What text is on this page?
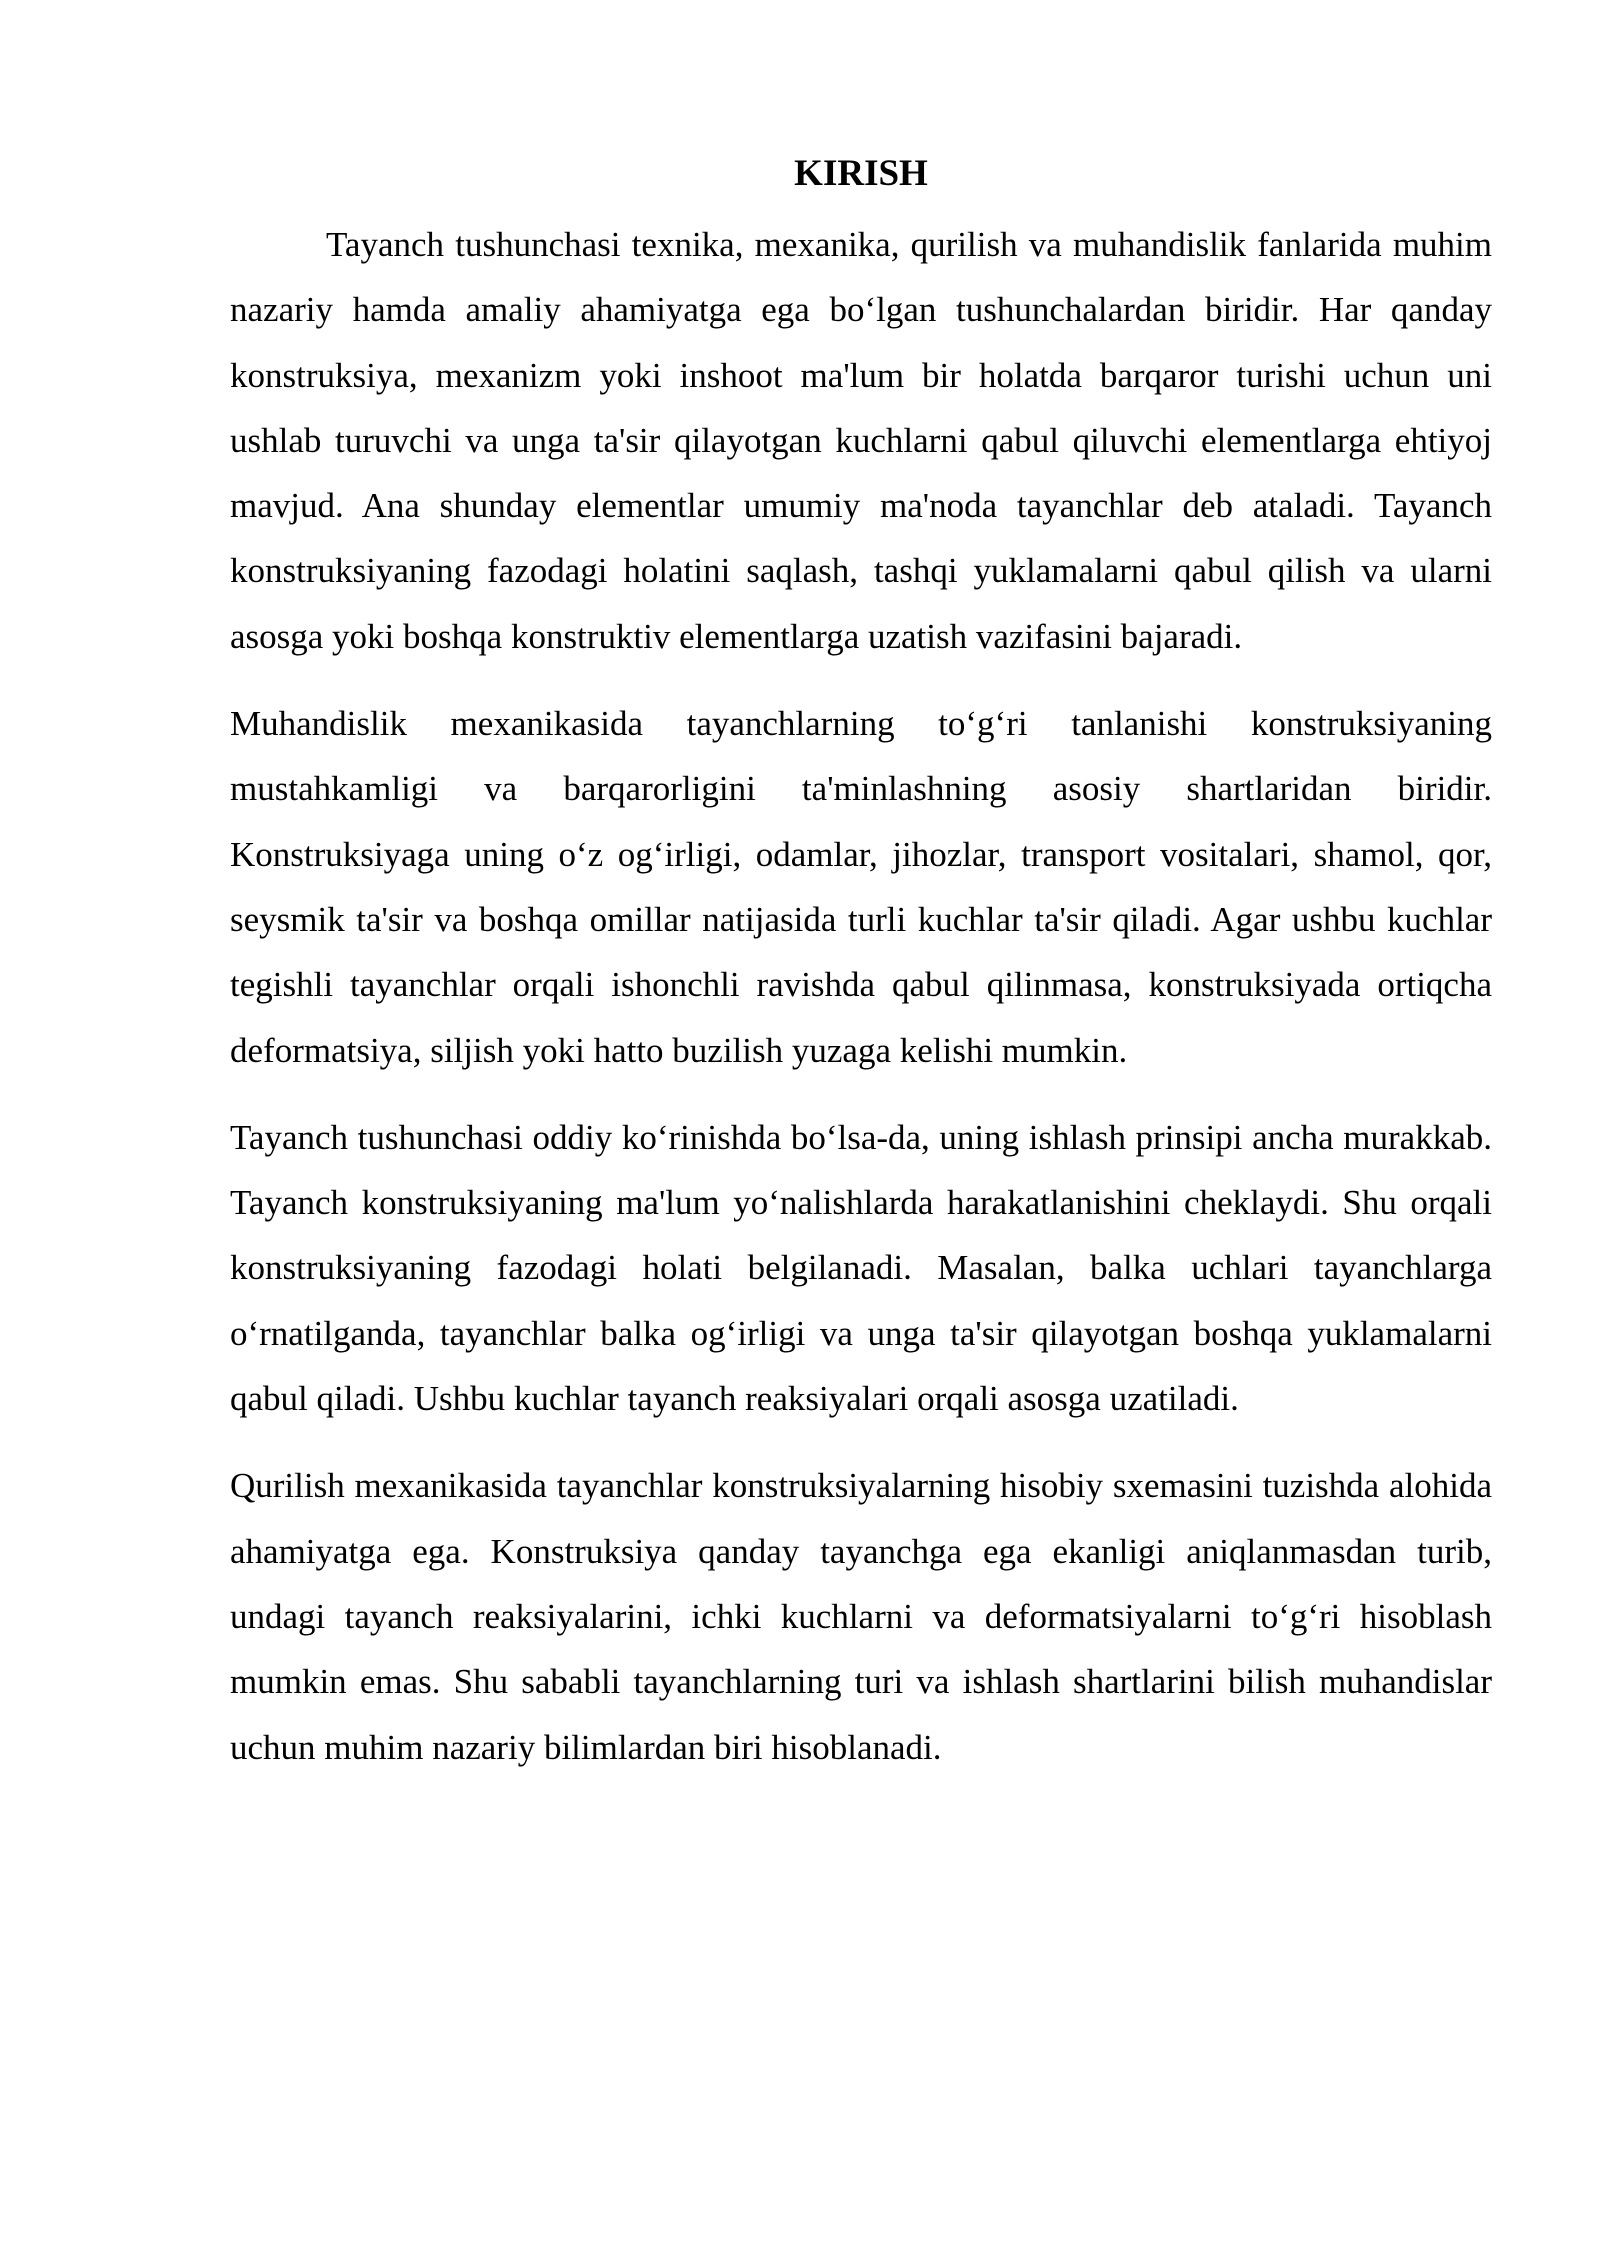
KIRISH

Tayanch tushunchasi texnika, mexanika, qurilish va muhandislik fanlarida muhim nazariy hamda amaliy ahamiyatga ega bo‘lgan tushunchalardan biridir. Har qanday konstruksiya, mexanizm yoki inshoot ma'lum bir holatda barqaror turishi uchun uni ushlab turuvchi va unga ta'sir qilayotgan kuchlarni qabul qiluvchi elementlarga ehtiyoj mavjud. Ana shunday elementlar umumiy ma'noda tayanchlar deb ataladi. Tayanch konstruksiyaning fazodagi holatini saqlash, tashqi yuklamalarni qabul qilish va ularni asosga yoki boshqa konstruktiv elementlarga uzatish vazifasini bajaradi.

Muhandislik mexanikasida tayanchlarning to‘g‘ri tanlanishi konstruksiyaning mustahkamligi va barqarorligini ta'minlashning asosiy shartlaridan biridir. Konstruksiyaga uning o‘z og‘irligi, odamlar, jihozlar, transport vositalari, shamol, qor, seysmik ta'sir va boshqa omillar natijasida turli kuchlar ta'sir qiladi. Agar ushbu kuchlar tegishli tayanchlar orqali ishonchli ravishda qabul qilinmasa, konstruksiyada ortiqcha deformatsiya, siljish yoki hatto buzilish yuzaga kelishi mumkin.

Tayanch tushunchasi oddiy ko‘rinishda bo‘lsa-da, uning ishlash prinsipi ancha murakkab. Tayanch konstruksiyaning ma'lum yo‘nalishlarda harakatlanishini cheklaydi. Shu orqali konstruksiyaning fazodagi holati belgilanadi. Masalan, balka uchlari tayanchlarga o‘rnatilganda, tayanchlar balka og‘irligi va unga ta'sir qilayotgan boshqa yuklamalarni qabul qiladi. Ushbu kuchlar tayanch reaksiyalari orqali asosga uzatiladi.

Qurilish mexanikasida tayanchlar konstruksiyalarning hisobiy sxemasini tuzishda alohida ahamiyatga ega. Konstruksiya qanday tayanchga ega ekanligi aniqlanmasdan turib, undagi tayanch reaksiyalarini, ichki kuchlarni va deformatsiyalarni to‘g‘ri hisoblash mumkin emas. Shu sababli tayanchlarning turi va ishlash shartlarini bilish muhandislar uchun muhim nazariy bilimlardan biri hisoblanadi.
